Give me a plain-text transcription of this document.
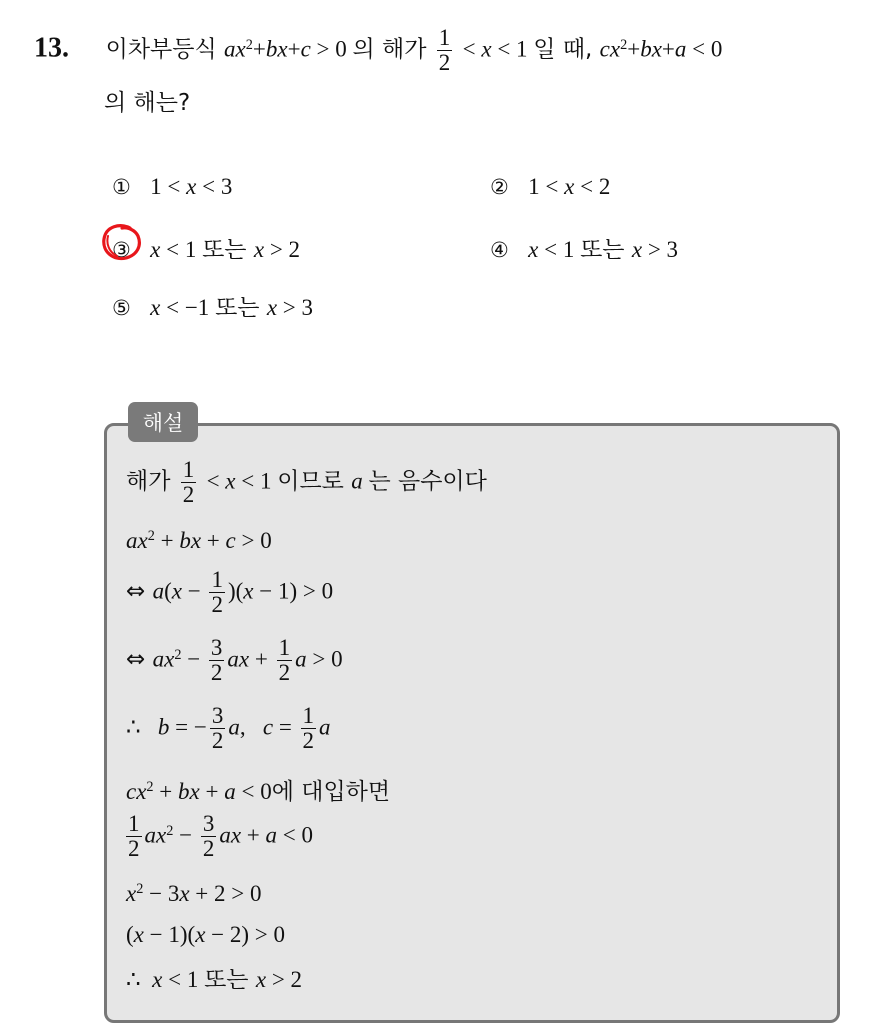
13. 이차부등식 $ax^2+bx+c > 0$ 의 해가 $\frac{1}{2} < x < 1$ 일 때, $cx^2+bx+a < 0$
의 해는?
① 1 < x < 3	② 1 < x < 2
③ x < 1 또는 x > 2	④ x < 1 또는 x > 3
⑤ x < −1 또는 x > 3
해설
해가 $\frac{1}{2} < x < 1$ 이므로 a 는 음수이다
$ax^2$ + bx + c > 0
⇔ $a(x - \frac{1}{2} )(x - 1) > 0$
⇔ $ax^2 - \frac{3}{2}$ ax + $\frac{1}{2}$ a > 0
∴   b = − $\frac{3}{2} a$,   $c = \frac{1}{2}$ a
$cx^2$ + bx + a < 0에 대입하면
$\frac{1}{2} ax^2 - \frac{3}{2}$ ax + a < 0
$x^2 - 3x + 2 > 0$
(x − 1)(x − 2) > 0
∴  x < 1 또는 x > 2
